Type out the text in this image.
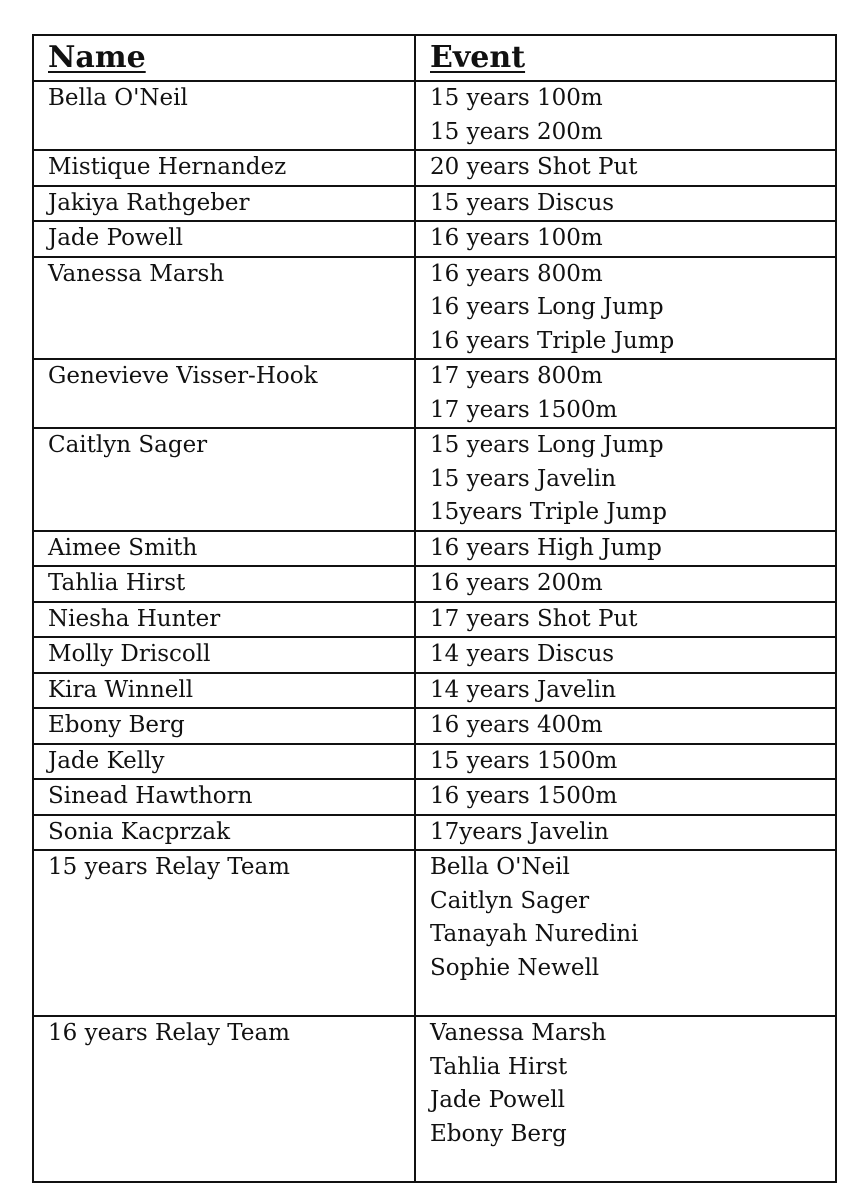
Name	Event
Bella O'Neil	15 years 100m
15 years 200m

Mistique Hernandez	20 years Shot Put

Jakiya Rathgeber	15 years Discus

Jade Powell	16 years 100m

Vanessa Marsh	16 years 800m
16 years Long Jump
16 years Triple Jump

Genevieve Visser-Hook	17 years 800m
17 years 1500m

Caitlyn Sager	15 years Long Jump
15 years Javelin
15years Triple Jump

Aimee Smith	16 years High Jump

Tahlia Hirst	16 years 200m

Niesha Hunter	17 years Shot Put

Molly Driscoll	14 years Discus

Kira Winnell	14 years Javelin

Ebony Berg	16 years 400m

Jade Kelly	15 years 1500m

Sinead Hawthorn	16 years 1500m

Sonia Kacprzak	17years Javelin

15 years Relay Team	Bella O'Neil
Caitlyn Sager
Tanayah Nuredini
Sophie Newell

16 years Relay Team	Vanessa Marsh
Tahlia Hirst
Jade Powell
Ebony Berg
